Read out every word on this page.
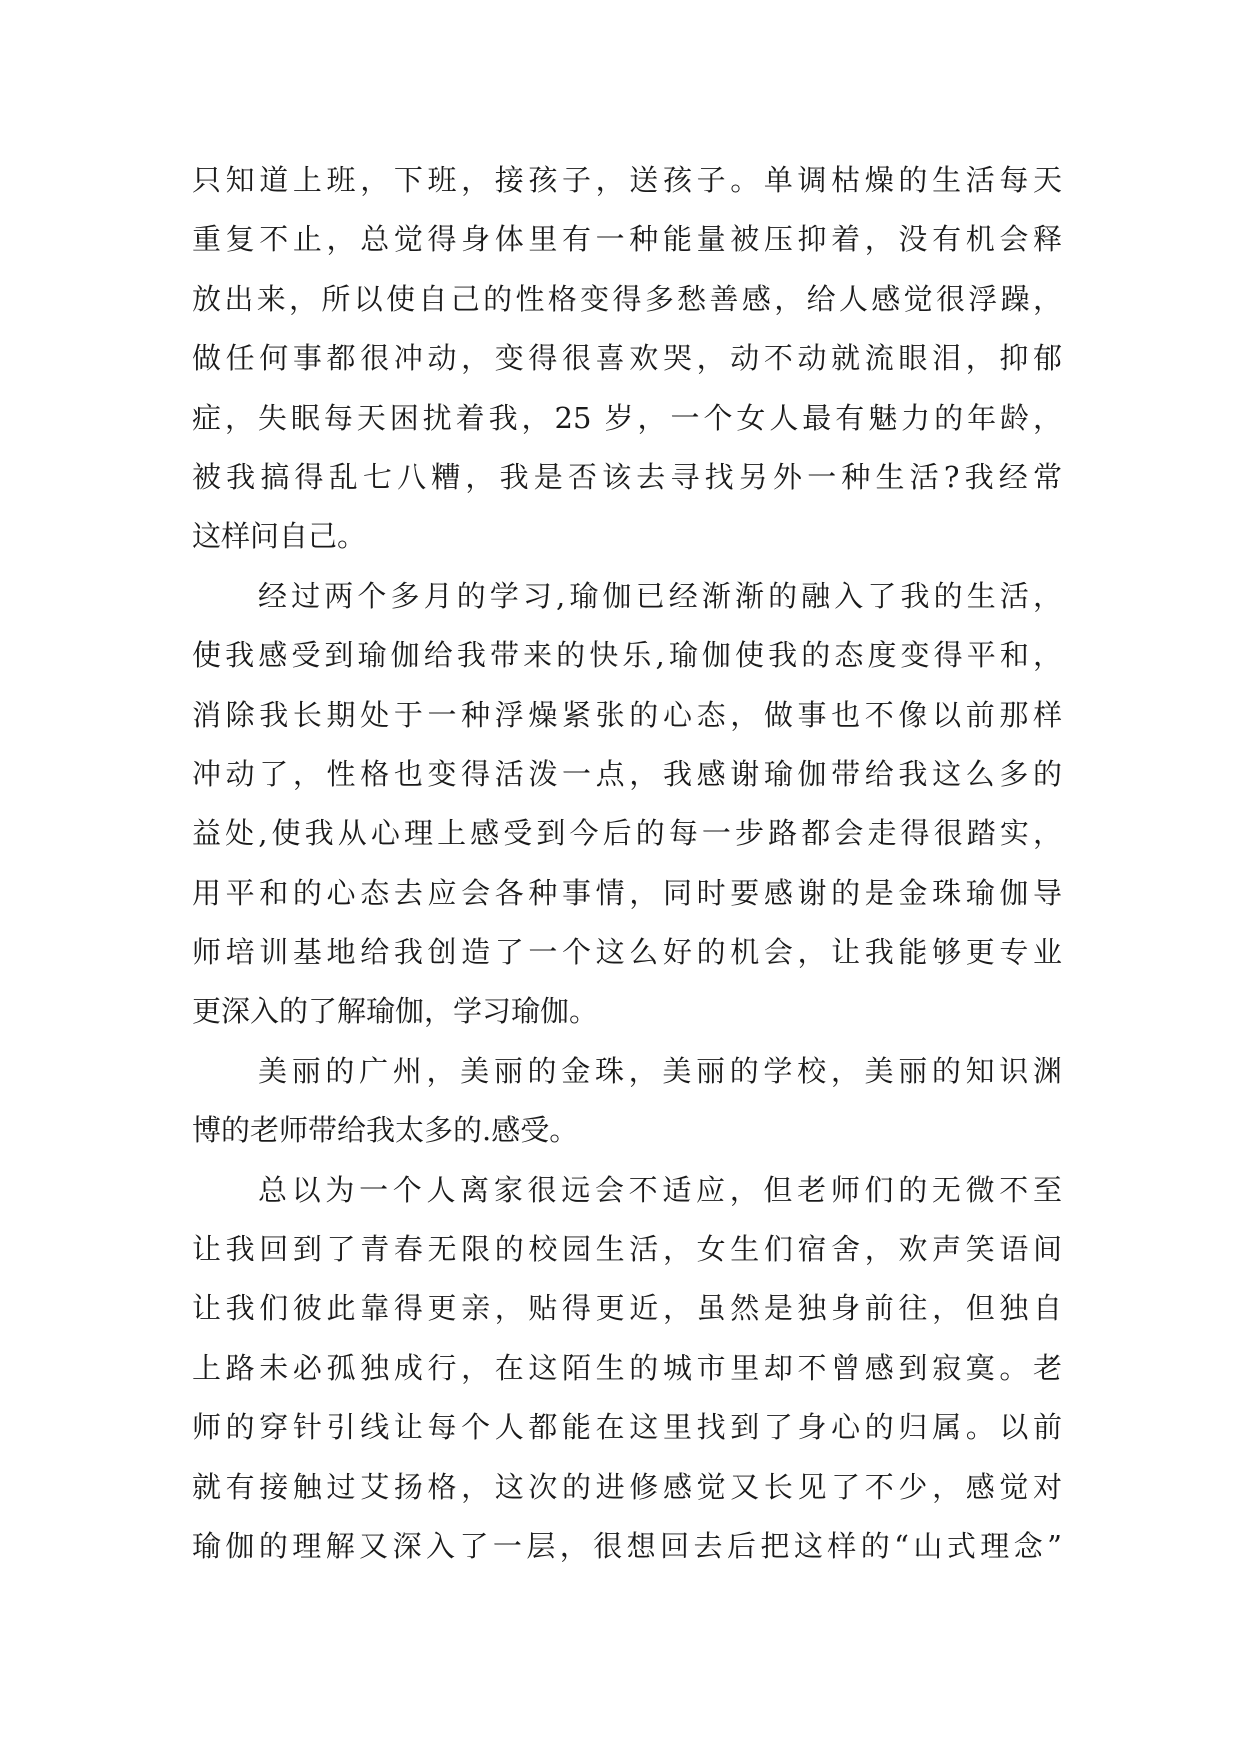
只知道上班，下班，接孩子，送孩子。单调枯燥的生活每天
重复不止，总觉得身体里有一种能量被压抑着，没有机会释
放出来，所以使自己的性格变得多愁善感，给人感觉很浮躁，
做任何事都很冲动，变得很喜欢哭，动不动就流眼泪，抑郁
症，失眠每天困扰着我，25 岁，一个女人最有魅力的年龄，
被我搞得乱七八糟，我是否该去寻找另外一种生活?我经常
这样问自己。
经过两个多月的学习,瑜伽已经渐渐的融入了我的生活，
使我感受到瑜伽给我带来的快乐,瑜伽使我的态度变得平和，
消除我长期处于一种浮燥紧张的心态，做事也不像以前那样
冲动了，性格也变得活泼一点，我感谢瑜伽带给我这么多的
益处,使我从心理上感受到今后的每一步路都会走得很踏实，
用平和的心态去应会各种事情，同时要感谢的是金珠瑜伽导
师培训基地给我创造了一个这么好的机会，让我能够更专业
更深入的了解瑜伽，学习瑜伽。
美丽的广州，美丽的金珠，美丽的学校，美丽的知识渊
博的老师带给我太多的.感受。
总以为一个人离家很远会不适应，但老师们的无微不至
让我回到了青春无限的校园生活，女生们宿舍，欢声笑语间
让我们彼此靠得更亲，贴得更近，虽然是独身前往，但独自
上路未必孤独成行，在这陌生的城市里却不曾感到寂寞。老
师的穿针引线让每个人都能在这里找到了身心的归属。以前
就有接触过艾扬格，这次的进修感觉又长见了不少，感觉对
瑜伽的理解又深入了一层，很想回去后把这样的“山式理念”
